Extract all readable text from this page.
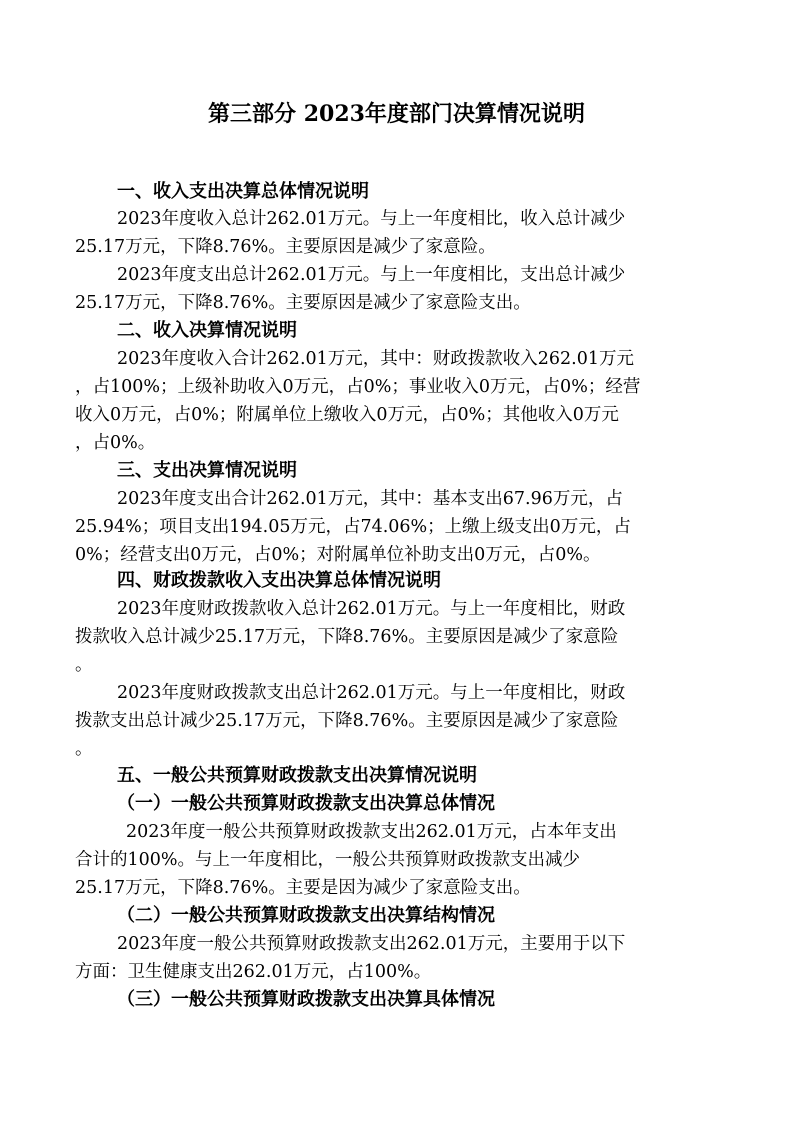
第三部分 2023年度部门决算情况说明
一、收入支出决算总体情况说明
2023年度收入总计262.01万元。与上一年度相比，收入总计减少
25.17万元，下降8.76%。主要原因是减少了家意险。
2023年度支出总计262.01万元。与上一年度相比，支出总计减少
25.17万元，下降8.76%。主要原因是减少了家意险支出。
二、收入决算情况说明
2023年度收入合计262.01万元，其中：财政拨款收入262.01万元
，占100%；上级补助收入0万元，占0%；事业收入0万元，占0%；经营
收入0万元，占0%；附属单位上缴收入0万元，占0%；其他收入0万元
，占0%。
三、支出决算情况说明
2023年度支出合计262.01万元，其中：基本支出67.96万元，占
25.94%；项目支出194.05万元，占74.06%；上缴上级支出0万元，占
0%；经营支出0万元，占0%；对附属单位补助支出0万元，占0%。
四、财政拨款收入支出决算总体情况说明
2023年度财政拨款收入总计262.01万元。与上一年度相比，财政
拨款收入总计减少25.17万元，下降8.76%。主要原因是减少了家意险
。
2023年度财政拨款支出总计262.01万元。与上一年度相比，财政
拨款支出总计减少25.17万元，下降8.76%。主要原因是减少了家意险
。
五、一般公共预算财政拨款支出决算情况说明
（一）一般公共预算财政拨款支出决算总体情况
2023年度一般公共预算财政拨款支出262.01万元，占本年支出
合计的100%。与上一年度相比，一般公共预算财政拨款支出减少
25.17万元，下降8.76%。主要是因为减少了家意险支出。
（二）一般公共预算财政拨款支出决算结构情况
2023年度一般公共预算财政拨款支出262.01万元，主要用于以下
方面：卫生健康支出262.01万元，占100%。
（三）一般公共预算财政拨款支出决算具体情况
